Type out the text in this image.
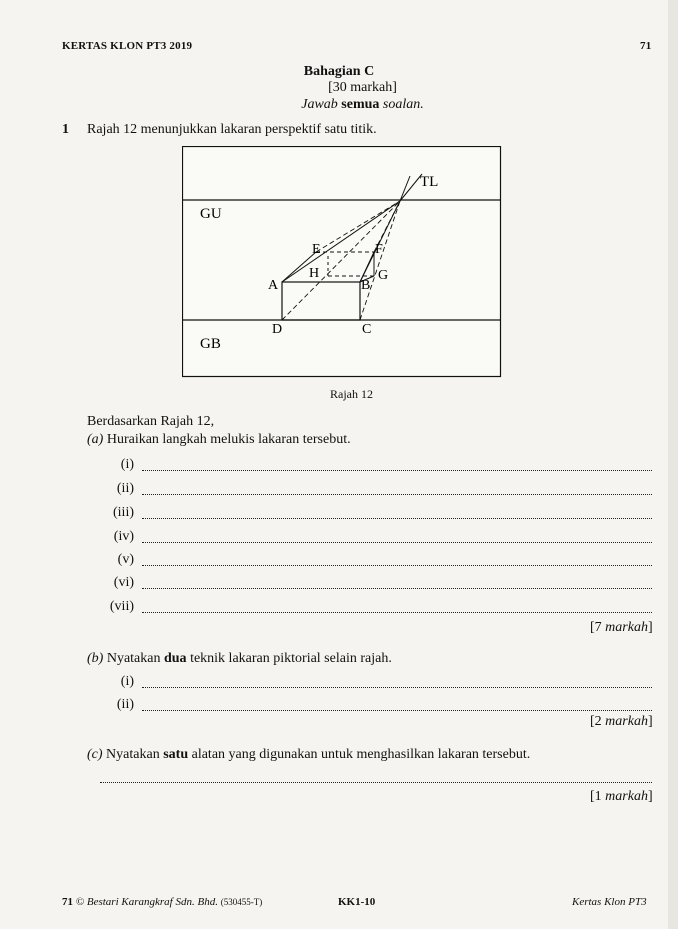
KERTAS KLON PT3 2019	71
Bahagian C
[30 markah]
Jawab semua soalan.
1 Rajah 12 menunjukkan lakaran perspektif satu titik.
TL
GU
GB
A	B
C
D
E	F
G
H
Rajah 12
Berdasarkan Rajah 12,
(a) Huraikan langkah melukis lakaran tersebut.
(i)
(ii)
(iii)
(iv)
(v)
(vi)
(vii)
[7 markah]
(b) Nyatakan dua teknik lakaran piktorial selain rajah.
(i)
(ii)
[2 markah]
(c) Nyatakan satu alatan yang digunakan untuk menghasilkan lakaran tersebut.
[1 markah]
71 © Bestari Karangkraf Sdn. Bhd. (530455-T)	KK1-10	Kertas Klon PT3
